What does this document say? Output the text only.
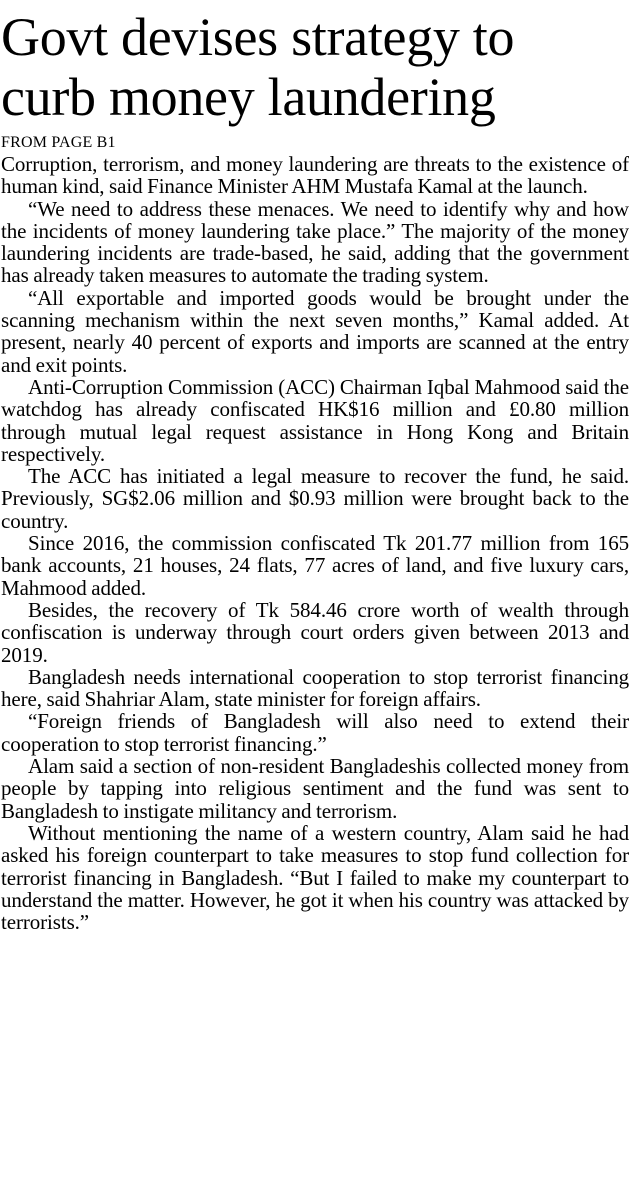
Govt devises strategy to
curb money laundering
FROM PAGE B1

Corruption, terrorism, and money laundering are threats to the existence of human kind, said Finance Minister AHM Mustafa Kamal at the launch.

“We need to address these menaces. We need to identify why and how the incidents of money laundering take place.” The majority of the money laundering incidents are trade-based, he said, adding that the government has already taken measures to automate the trading system.

“All exportable and imported goods would be brought under the scanning mechanism within the next seven months,” Kamal added. At present, nearly 40 percent of exports and imports are scanned at the entry and exit points.

Anti-Corruption Commission (ACC) Chairman Iqbal Mahmood said the watchdog has already confiscated HK$16 million and £0.80 million through mutual legal request assistance in Hong Kong and Britain respectively.

The ACC has initiated a legal measure to recover the fund, he said. Previously, SG$2.06 million and $0.93 million were brought back to the country.

Since 2016, the commission confiscated Tk 201.77 million from 165 bank accounts, 21 houses, 24 flats, 77 acres of land, and five luxury cars, Mahmood added.

Besides, the recovery of Tk 584.46 crore worth of wealth through confiscation is underway through court orders given between 2013 and 2019.

Bangladesh needs international cooperation to stop terrorist financing here, said Shahriar Alam, state minister for foreign affairs.

“Foreign friends of Bangladesh will also need to extend their cooperation to stop terrorist financing.”

Alam said a section of non-resident Bangladeshis collected money from people by tapping into religious sentiment and the fund was sent to Bangladesh to instigate militancy and terrorism.

Without mentioning the name of a western country, Alam said he had asked his foreign counterpart to take measures to stop fund collection for terrorist financing in Bangladesh. “But I failed to make my counterpart to understand the matter. However, he got it when his country was attacked by terrorists.”
